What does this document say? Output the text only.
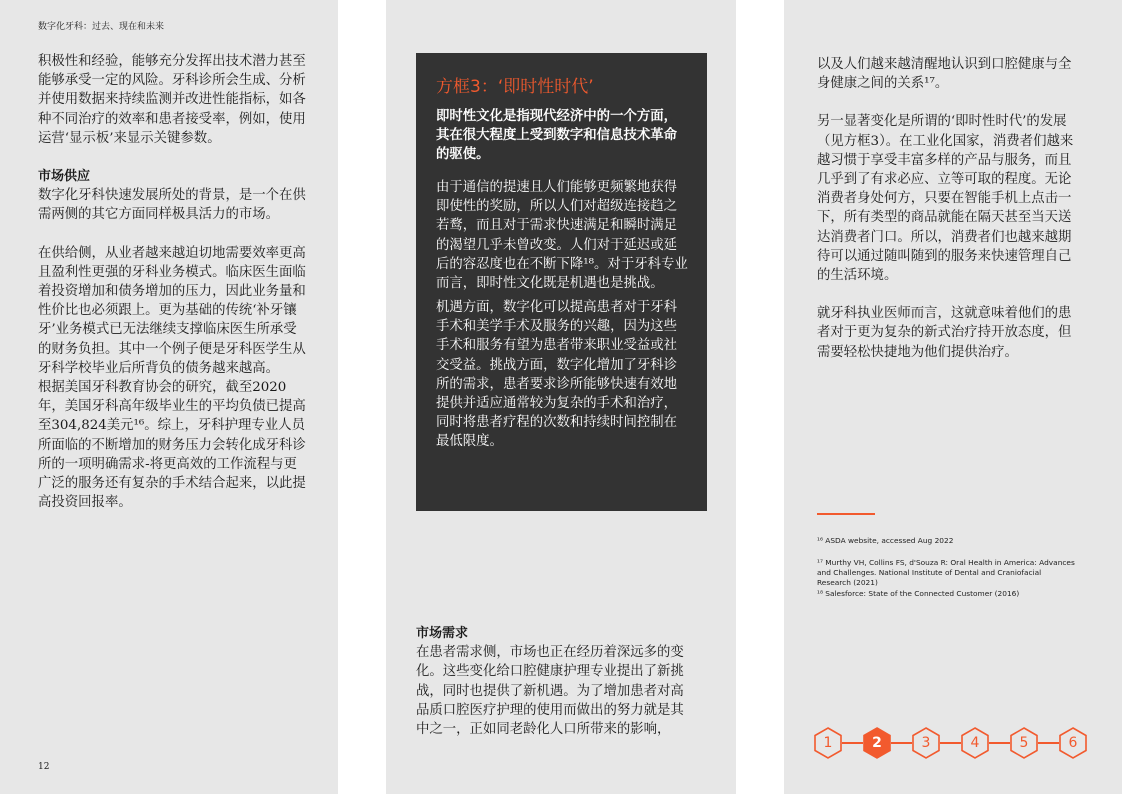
数字化牙科：过去、现在和未来

积极性和经验，能够充分发挥出技术潜力甚至能够承受一定的风险。牙科诊所会生成、分析并使用数据来持续监测并改进性能指标，如各种不同治疗的效率和患者接受率，例如，使用运营‘显示板’来显示关键参数。

市场供应

数字化牙科快速发展所处的背景，是一个在供需两侧的其它方面同样极具活力的市场。

在供给侧，从业者越来越迫切地需要效率更高且盈利性更强的牙科业务模式。临床医生面临着投资增加和债务增加的压力，因此业务量和性价比也必须跟上。更为基础的传统‘补牙镶牙’业务模式已无法继续支撑临床医生所承受的财务负担。其中一个例子便是牙科医学生从牙科学校毕业后所背负的债务越来越高。

根据美国牙科教育协会的研究，截至2020年，美国牙科高年级毕业生的平均负债已提高至304,824美元¹⁶。综上，牙科护理专业人员所面临的不断增加的财务压力会转化成牙科诊所的一项明确需求-将更高效的工作流程与更广泛的服务还有复杂的手术结合起来，以此提高投资回报率。

12
方框3：‘即时性时代’
即时性文化是指现代经济中的一个方面，其在很大程度上受到数字和信息技术革命的驱使。
由于通信的提速且人们能够更频繁地获得即使性的奖励，所以人们对超级连接趋之若鹜，而且对于需求快速满足和瞬时满足的渴望几乎未曾改变。人们对于延迟或延后的容忍度也在不断下降¹⁸。对于牙科专业而言，即时性文化既是机遇也是挑战。
机遇方面，数字化可以提高患者对于牙科手术和美学手术及服务的兴趣，因为这些手术和服务有望为患者带来职业受益或社交受益。挑战方面，数字化增加了牙科诊所的需求，患者要求诊所能够快速有效地提供并适应通常较为复杂的手术和治疗，同时将患者疗程的次数和持续时间控制在最低限度。

市场需求

在患者需求侧，市场也正在经历着深远多的变化。这些变化给口腔健康护理专业提出了新挑战，同时也提供了新机遇。为了增加患者对高品质口腔医疗护理的使用而做出的努力就是其中之一，正如同老龄化人口所带来的影响，

以及人们越来越清醒地认识到口腔健康与全身健康之间的关系¹⁷。

另一显著变化是所谓的‘即时性时代’的发展（见方框3）。在工业化国家，消费者们越来越习惯于享受丰富多样的产品与服务，而且几乎到了有求必应、立等可取的程度。无论消费者身处何方，只要在智能手机上点击一下，所有类型的商品就能在隔天甚至当天送达消费者门口。所以，消费者们也越来越期待可以通过随叫随到的服务来快速管理自己的生活环境。

就牙科执业医师而言，这就意味着他们的患者对于更为复杂的新式治疗持开放态度，但需要轻松快捷地为他们提供治疗。

¹⁶ ASDA website, accessed Aug 2022
¹⁷ Murthy VH, Collins FS, d'Souza R: Oral Health in America: Advances and Challenges. National Institute of Dental and Craniofacial Research (2021)
¹⁸ Salesforce: State of the Connected Customer (2016)
1	2	3	4	5	6
